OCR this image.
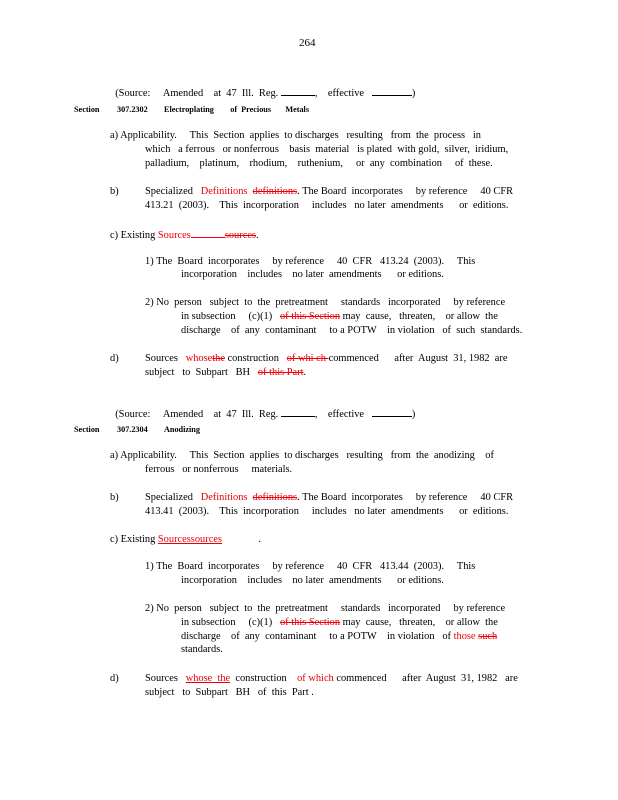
264

(Source: Amended    at  47  Ill.  Reg.	, effective	)

Section 307.2302 Electroplating        of  Precious       Metals
a) Applicability.     This  Section  applies  to discharges   resulting   from  the  process   in
which   a ferrous   or nonferrous    basis  material   is plated  with gold,  silver,  iridium,
palladium,    platinum,    rhodium,    ruthenium,     or  any  combination     of  these.
b)	Specialized Definitions definitions. The Board  incorporates     by reference     40 CFR
413.21  (2003).    This  incorporation     includes   no later  amendments      or  editions.
c) Existing Sources	sources.
1) The  Board  incorporates     by reference     40  CFR   413.24  (2003).     This
incorporation    includes    no later  amendments      or editions.
2) No  person   subject  to  the  pretreatment     standards   incorporated     by reference
in subsection     (c)(1) of this Section may  cause,   threaten,    or allow  the
discharge    of  any  contaminant     to a POTW    in violation   of  such  standards.
d)	Sources whosethe construction of whi ch commenced      after  August  31, 1982  are
subject   to  Subpart   BH of this Part.

(Source: Amended    at  47  Ill.  Reg.	, effective	)

Section 307.2304 Anodizing
a) Applicability.     This  Section  applies  to discharges   resulting   from  the  anodizing    of
ferrous   or nonferrous     materials.
b)	Specialized Definitions definitions. The Board  incorporates     by reference     40 CFR
413.41  (2003).    This  incorporation     includes   no later  amendments      or  editions.
c) Existing Sourcessources	.
1) The  Board  incorporates     by reference     40  CFR   413.44  (2003).     This
incorporation    includes    no later  amendments      or editions.
2) No  person   subject  to  the  pretreatment     standards   incorporated     by reference
in subsection     (c)(1) of this Section may  cause,   threaten,    or allow  the
discharge    of  any  contaminant     to a POTW    in violation   of those such
standards.
d)	Sources whose  the  construction    of which commenced      after  August  31, 1982   are
subject   to  Subpart   BH   of  this  Part .
